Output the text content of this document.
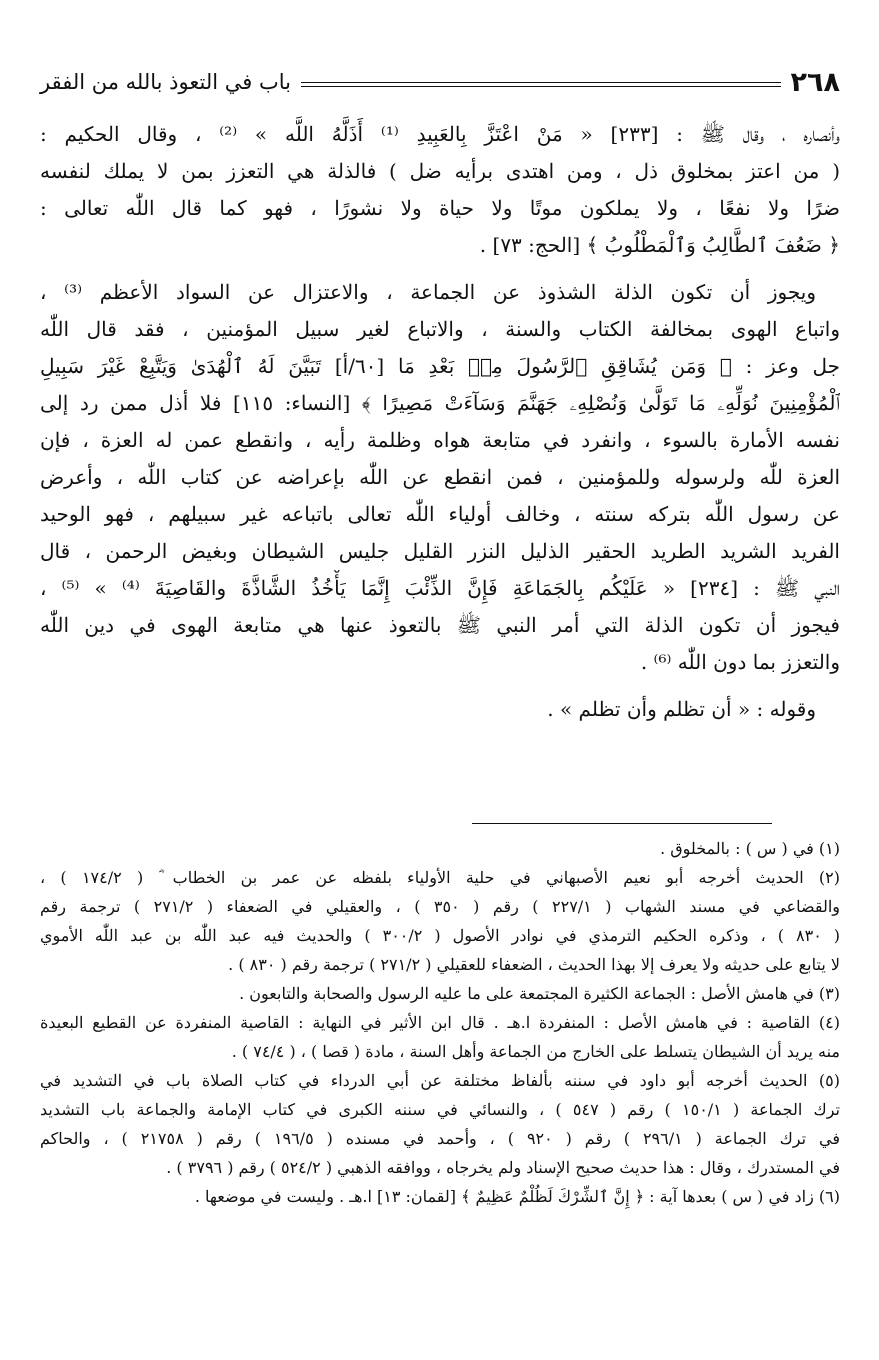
٢٦٨
باب في التعوذ بالله من الفقر
وأنصاره ، وقال ﷺ : [٢٣٣] « مَنْ اعْتَزَّ بِالعَبِيدِ ⁽¹⁾ أَذَلَّهُ اللَّه » ⁽²⁾ ، وقال الحكيم :
( من اعتز بمخلوق ذل ، ومن اهتدى برأيه ضل ) فالذلة هي التعزز بمن لا يملك لنفسه
ضرًا ولا نفعًا ، ولا يملكون موتًا ولا حياة ولا نشورًا ، فهو كما قال اللّٰه تعالى :
﴿ ضَعُفَ ٱلطَّالِبُ وَٱلْمَطْلُوبُ ﴾ [الحج: ٧٣] .
ويجوز أن تكون الذلة الشذوذ عن الجماعة ، والاعتزال عن السواد الأعظم ⁽³⁾ ،
واتباع الهوى بمخالفة الكتاب والسنة ، والاتباع لغير سبيل المؤمنين ، فقد قال اللّٰه
جل وعز : ﴿ وَمَن يُشَاقِقِ ٱلرَّسُولَ مِنۢ بَعْدِ مَا [٦٠/أ] تَبَيَّنَ لَهُ ٱلْهُدَىٰ وَيَتَّبِعْ غَيْرَ سَبِيلِ
ٱلْمُؤْمِنِينَ نُوَلِّهِۦ مَا تَوَلَّىٰ وَنُصْلِهِۦ جَهَنَّمَ وَسَآءَتْ مَصِيرًا ﴾ [النساء: ١١٥] فلا أذل ممن رد إلى
نفسه الأمارة بالسوء ، وانفرد في متابعة هواه وظلمة رأيه ، وانقطع عمن له العزة ، فإن
العزة للّٰه ولرسوله وللمؤمنين ، فمن انقطع عن اللّٰه بإعراضه عن كتاب اللّٰه ، وأعرض
عن رسول اللّٰه بتركه سنته ، وخالف أولياء اللّٰه تعالى باتباعه غير سبيلهم ، فهو الوحيد
الفريد الشريد الطريد الحقير الذليل النزر القليل جليس الشيطان وبغيض الرحمن ، قال
النبي ﷺ : [٢٣٤] « عَلَيْكُم بِالجَمَاعَةِ فَإِنَّ الذِّئْبَ إِنَّمَا يَأْخُذُ الشَّاذَّةَ والقَاصِيَةَ ⁽⁴⁾ » ⁽⁵⁾ ،
فيجوز أن تكون الذلة التي أمر النبي ﷺ بالتعوذ عنها هي متابعة الهوى في دين اللّٰه
والتعزز بما دون اللّٰه ⁽⁶⁾ .
وقوله : « أن تظلم وأن تظلم » .
(١) في ( س ) : بالمخلوق .
(٢) الحديث أخرجه أبو نعيم الأصبهاني في حلية الأولياء بلفظه عن عمر بن الخطاب ؓ ( ١٧٤/٢ ) ،
والقضاعي في مسند الشهاب ( ٢٢٧/١ ) رقم ( ٣٥٠ ) ، والعقيلي في الضعفاء ( ٢٧١/٢ ) ترجمة رقم
( ٨٣٠ ) ، وذكره الحكيم الترمذي في نوادر الأصول ( ٣٠٠/٢ ) والحديث فيه عبد اللّٰه بن عبد اللّٰه الأموي
لا يتابع على حديثه ولا يعرف إلا بهذا الحديث ، الضعفاء للعقيلي ( ٢٧١/٢ ) ترجمة رقم ( ٨٣٠ ) .
(٣) في هامش الأصل : الجماعة الكثيرة المجتمعة على ما عليه الرسول والصحابة والتابعون .
(٤) القاصية : في هامش الأصل : المنفردة ا.هـ . قال ابن الأثير في النهاية : القاصية المنفردة عن القطيع البعيدة
منه يريد أن الشيطان يتسلط على الخارج من الجماعة وأهل السنة ، مادة ( قصا ) ، ( ٧٤/٤ ) .
(٥) الحديث أخرجه أبو داود في سننه بألفاظ مختلفة عن أبي الدرداء في كتاب الصلاة باب في التشديد في
ترك الجماعة ( ١٥٠/١ ) رقم ( ٥٤٧ ) ، والنسائي في سننه الكبرى في كتاب الإمامة والجماعة باب التشديد
في ترك الجماعة ( ٢٩٦/١ ) رقم ( ٩٢٠ ) ، وأحمد في مسنده ( ١٩٦/٥ ) رقم ( ٢١٧٥٨ ) ، والحاكم
في المستدرك ، وقال : هذا حديث صحيح الإسناد ولم يخرجاه ، ووافقه الذهبي ( ٥٢٤/٢ ) رقم ( ٣٧٩٦ ) .
(٦) زاد في ( س ) بعدها آية : ﴿ إِنَّ ٱلشِّرْكَ لَظُلْمٌ عَظِيمٌ ﴾ [لقمان: ١٣] ا.هـ . وليست في موضعها .
